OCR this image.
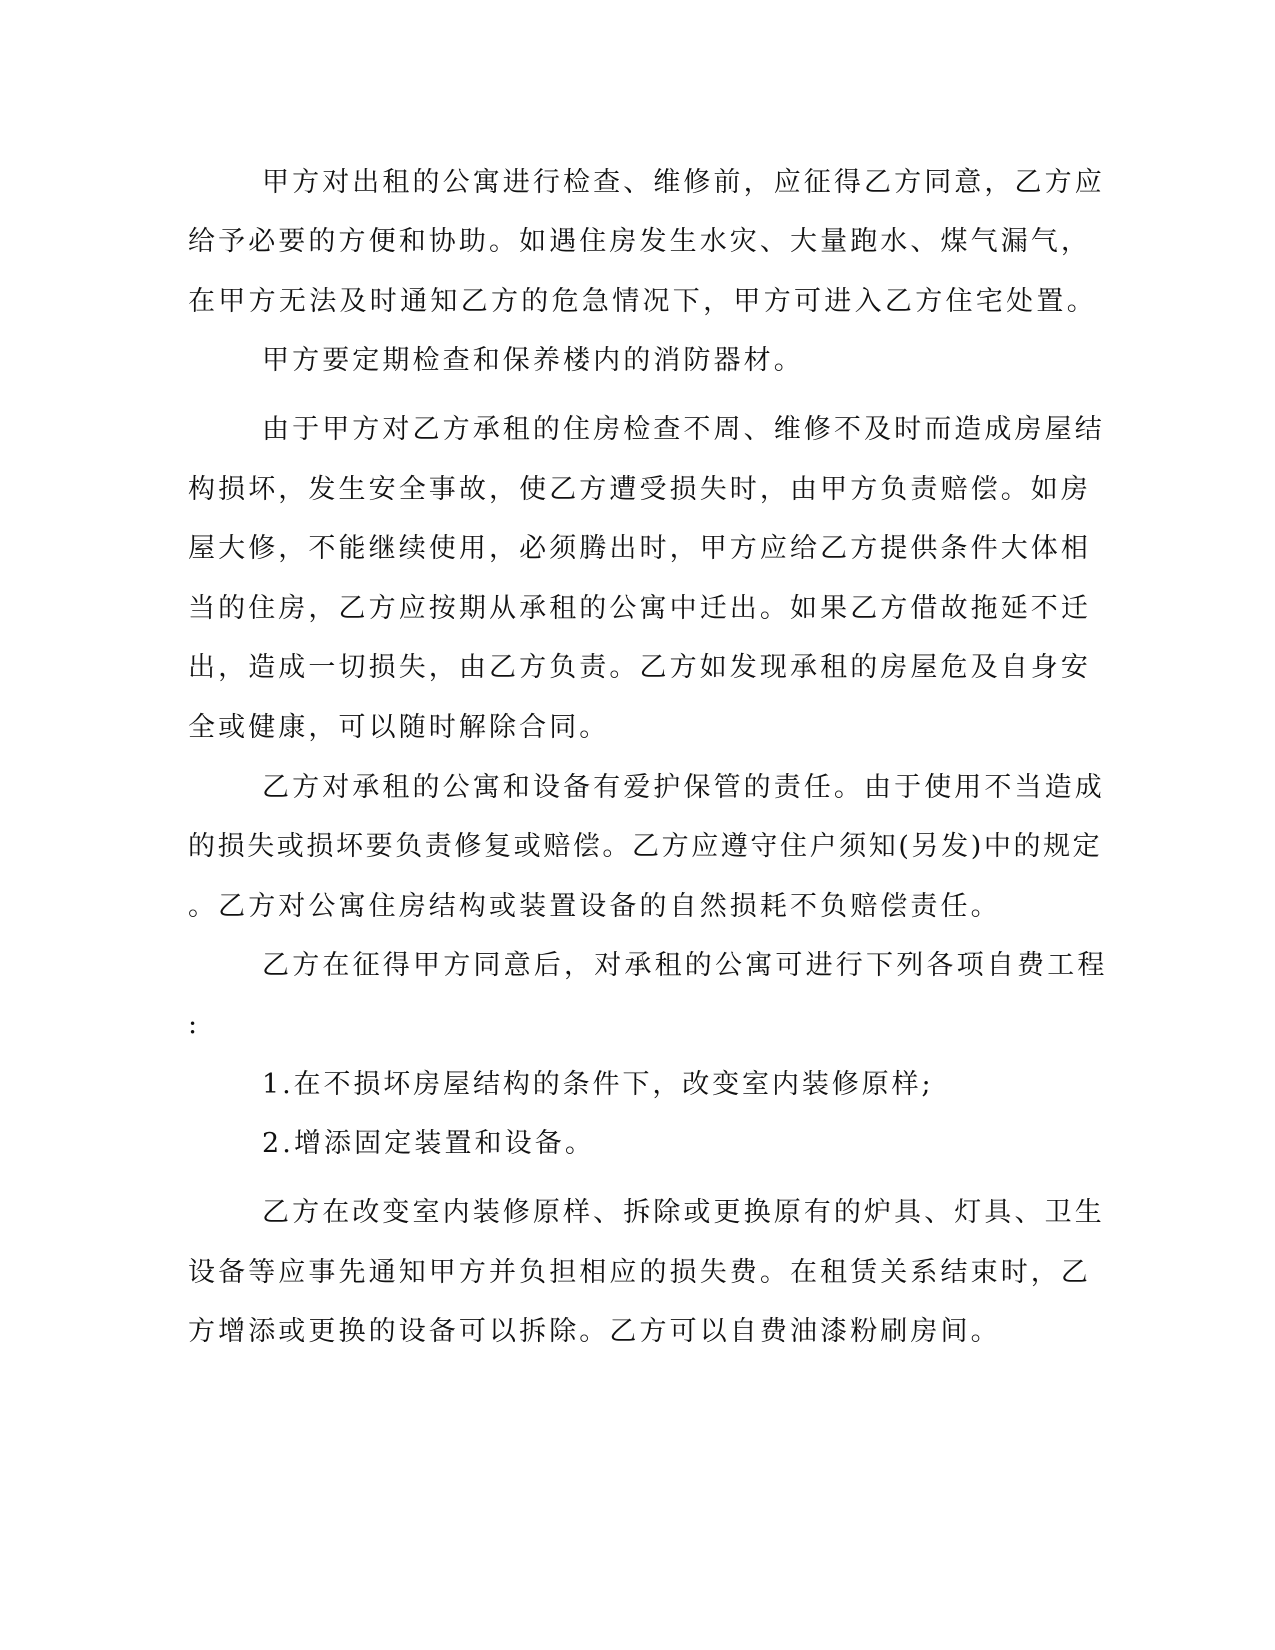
甲方对出租的公寓进行检查、维修前，应征得乙方同意，乙方应
给予必要的方便和协助。如遇住房发生水灾、大量跑水、煤气漏气，
在甲方无法及时通知乙方的危急情况下，甲方可进入乙方住宅处置。
甲方要定期检查和保养楼内的消防器材。
由于甲方对乙方承租的住房检查不周、维修不及时而造成房屋结
构损坏，发生安全事故，使乙方遭受损失时，由甲方负责赔偿。如房
屋大修，不能继续使用，必须腾出时，甲方应给乙方提供条件大体相
当的住房，乙方应按期从承租的公寓中迁出。如果乙方借故拖延不迁
出，造成一切损失，由乙方负责。乙方如发现承租的房屋危及自身安
全或健康，可以随时解除合同。
乙方对承租的公寓和设备有爱护保管的责任。由于使用不当造成
的损失或损坏要负责修复或赔偿。乙方应遵守住户须知(另发)中的规定
。乙方对公寓住房结构或装置设备的自然损耗不负赔偿责任。
乙方在征得甲方同意后，对承租的公寓可进行下列各项自费工程
:
1.在不损坏房屋结构的条件下，改变室内装修原样;
2.增添固定装置和设备。
乙方在改变室内装修原样、拆除或更换原有的炉具、灯具、卫生
设备等应事先通知甲方并负担相应的损失费。在租赁关系结束时，乙
方增添或更换的设备可以拆除。乙方可以自费油漆粉刷房间。
